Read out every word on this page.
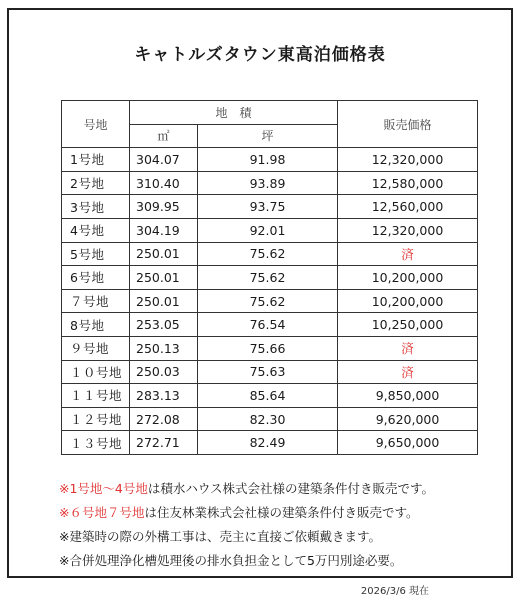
キャトルズタウン東高泊価格表
号地	地　積		販売価格
	㎡	坪	
1号地	304.07	91.98	12,320,000
2号地	310.40	93.89	12,580,000
3号地	309.95	93.75	12,560,000
4号地	304.19	92.01	12,320,000
5号地	250.01	75.62	済
6号地	250.01	75.62	10,200,000
７号地	250.01	75.62	10,200,000
8号地	253.05	76.54	10,250,000
９号地	250.13	75.66	済
１０号地	250.03	75.63	済
１１号地	283.13	85.64	9,850,000
１２号地	272.08	82.30	9,620,000
１３号地	272.71	82.49	9,650,000
※1号地～4号地は積水ハウス株式会社様の建築条件付き販売です。
※６号地７号地は住友林業株式会社様の建築条件付き販売です。
※建築時の際の外構工事は、売主に直接ご依頼戴きます。
※合併処理浄化槽処理後の排水負担金として5万円別途必要。
2026/3/6 現在
